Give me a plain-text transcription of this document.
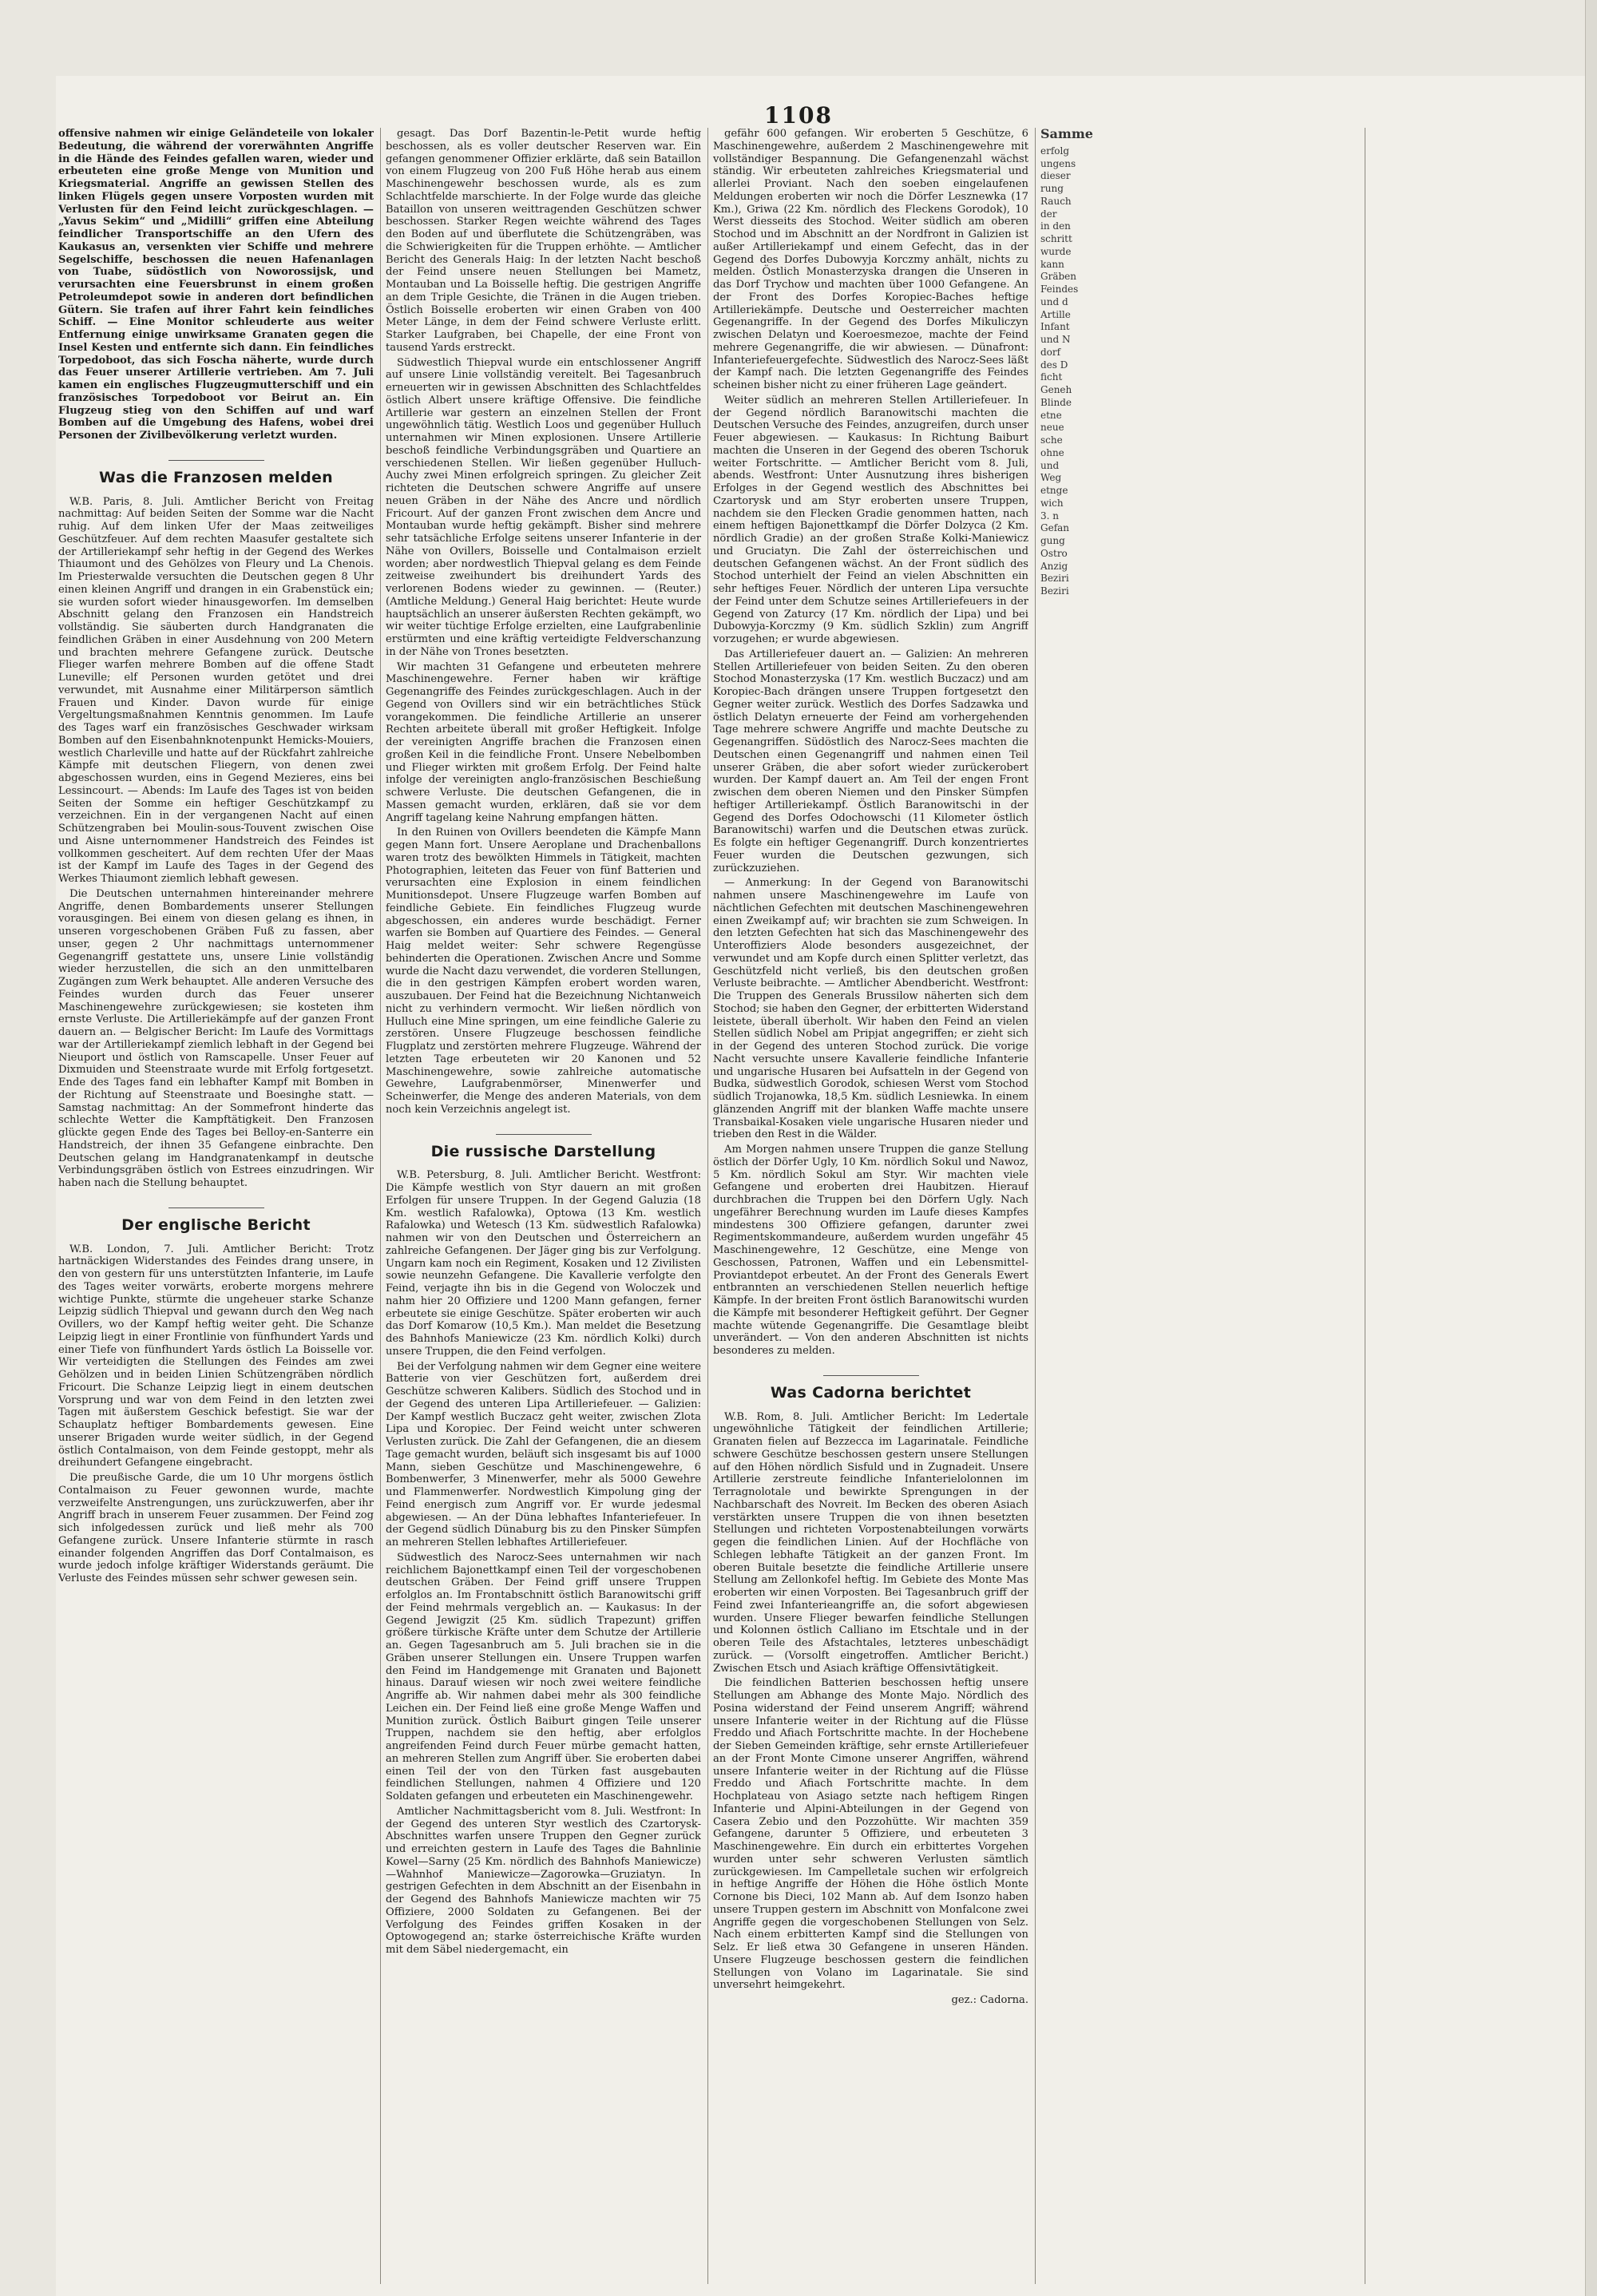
1108

offensive nahmen wir einige Geländeteile von lokaler Bedeutung, die während der vorerwähnten Angriffe in die Hände des Feindes gefallen waren, wieder und erbeuteten eine große Menge von Munition und Kriegsmaterial. Angriffe an gewissen Stellen des linken Flügels gegen unsere Vorposten wurden mit Verlusten für den Feind leicht zurückgeschlagen. — „Yavus Sekim“ und „Midilli“ griffen eine Abteilung feindlicher Transportschiffe an den Ufern des Kaukasus an, versenkten vier Schiffe und mehrere Segelschiffe, beschossen die neuen Hafenanlagen von Tuabe, südöstlich von Noworossijsk, und verursachten eine Feuersbrunst in einem großen Petroleumdepot sowie in anderen dort befindlichen Gütern. Sie trafen auf ihrer Fahrt kein feindliches Schiff. — Eine Monitor schleuderte aus weiter Entfernung einige unwirksame Granaten gegen die Insel Kesten und entfernte sich dann. Ein feindliches Torpedoboot, das sich Foscha näherte, wurde durch das Feuer unserer Artillerie vertrieben. Am 7. Juli kamen ein englisches Flugzeugmutterschiff und ein französisches Torpedoboot vor Beirut an. Ein Flugzeug stieg von den Schiffen auf und warf Bomben auf die Umgebung des Hafens, wobei drei Personen der Zivilbevölkerung verletzt wurden.

Was die Franzosen melden

W.B. Paris, 8. Juli. Amtlicher Bericht von Freitag nachmittag: Auf beiden Seiten der Somme war die Nacht ruhig. Auf dem linken Ufer der Maas zeitweiliges Geschützfeuer. Auf dem rechten Maasufer gestaltete sich der Artilleriekampf sehr heftig in der Gegend des Werkes Thiaumont und des Gehölzes von Fleury und La Chenois. Im Priesterwalde versuchten die Deutschen gegen 8 Uhr einen kleinen Angriff und drangen in ein Grabenstück ein; sie wurden sofort wieder hinausgeworfen. Im demselben Abschnitt gelang den Franzosen ein Handstreich vollständig. Sie säuberten durch Handgranaten die feindlichen Gräben in einer Ausdehnung von 200 Metern und brachten mehrere Gefangene zurück. Deutsche Flieger warfen mehrere Bomben auf die offene Stadt Luneville; elf Personen wurden getötet und drei verwundet, mit Ausnahme einer Militärperson sämtlich Frauen und Kinder. Davon wurde für einige Vergeltungsmaßnahmen Kenntnis genommen. Im Laufe des Tages warf ein französisches Geschwader wirksam Bomben auf den Eisenbahnknotenpunkt Hemicks-Mouiers, westlich Charleville und hatte auf der Rückfahrt zahlreiche Kämpfe mit deutschen Fliegern, von denen zwei abgeschossen wurden, eins in Gegend Mezieres, eins bei Lessincourt. — Abends: Im Laufe des Tages ist von beiden Seiten der Somme ein heftiger Geschützkampf zu verzeichnen. Ein in der vergangenen Nacht auf einen Schützengraben bei Moulin-sous-Touvent zwischen Oise und Aisne unternommener Handstreich des Feindes ist vollkommen gescheitert. Auf dem rechten Ufer der Maas ist der Kampf im Laufe des Tages in der Gegend des Werkes Thiaumont ziemlich lebhaft gewesen.

Die Deutschen unternahmen hintereinander mehrere Angriffe, denen Bombardements unserer Stellungen vorausgingen. Bei einem von diesen gelang es ihnen, in unseren vorgeschobenen Gräben Fuß zu fassen, aber unser, gegen 2 Uhr nachmittags unternommener Gegenangriff gestattete uns, unsere Linie vollständig wieder herzustellen, die sich an den unmittelbaren Zugängen zum Werk behauptet. Alle anderen Versuche des Feindes wurden durch das Feuer unserer Maschinengewehre zurückgewiesen; sie kosteten ihm ernste Verluste. Die Artilleriekämpfe auf der ganzen Front dauern an. — Belgischer Bericht: Im Laufe des Vormittags war der Artilleriekampf ziemlich lebhaft in der Gegend bei Nieuport und östlich von Ramscapelle. Unser Feuer auf Dixmuiden und Steenstraate wurde mit Erfolg fortgesetzt. Ende des Tages fand ein lebhafter Kampf mit Bomben in der Richtung auf Steenstraate und Boesinghe statt. — Samstag nachmittag: An der Sommefront hinderte das schlechte Wetter die Kampftätigkeit. Den Franzosen glückte gegen Ende des Tages bei Belloy-en-Santerre ein Handstreich, der ihnen 35 Gefangene einbrachte. Den Deutschen gelang im Handgranatenkampf in deutsche Verbindungsgräben östlich von Estrees einzudringen. Wir haben nach die Stellung behauptet.

Der englische Bericht

W.B. London, 7. Juli. Amtlicher Bericht: Trotz hartnäckigen Widerstandes des Feindes drang unsere, in den von gestern für uns unterstützten Infanterie, im Laufe des Tages weiter vorwärts, eroberte morgens mehrere wichtige Punkte, stürmte die ungeheuer starke Schanze Leipzig südlich Thiepval und gewann durch den Weg nach Ovillers, wo der Kampf heftig weiter geht. Die Schanze Leipzig liegt in einer Frontlinie von fünfhundert Yards und einer Tiefe von fünfhundert Yards östlich La Boisselle vor. Wir verteidigten die Stellungen des Feindes am zwei Gehölzen und in beiden Linien Schützengräben nördlich Fricourt. Die Schanze Leipzig liegt in einem deutschen Vorsprung und war von dem Feind in den letzten zwei Tagen mit äußerstem Geschick befestigt. Sie war der Schauplatz heftiger Bombardements gewesen. Eine unserer Brigaden wurde weiter südlich, in der Gegend östlich Contalmaison, von dem Feinde gestoppt, mehr als dreihundert Gefangene eingebracht.

Die preußische Garde, die um 10 Uhr morgens östlich Contalmaison zu Feuer gewonnen wurde, machte verzweifelte Anstrengungen, uns zurückzuwerfen, aber ihr Angriff brach in unserem Feuer zusammen. Der Feind zog sich infolgedessen zurück und ließ mehr als 700 Gefangene zurück. Unsere Infanterie stürmte in rasch einander folgenden Angriffen das Dorf Contalmaison, es wurde jedoch infolge kräftiger Widerstands geräumt. Die Verluste des Feindes müssen sehr schwer gewesen sein.

gesagt. Das Dorf Bazentin-le-Petit wurde heftig beschossen, als es voller deutscher Reserven war. Ein gefangen genommener Offizier erklärte, daß sein Bataillon von einem Flugzeug von 200 Fuß Höhe herab aus einem Maschinengewehr beschossen wurde, als es zum Schlachtfelde marschierte. In der Folge wurde das gleiche Bataillon von unseren weittragenden Geschützen schwer beschossen. Starker Regen weichte während des Tages den Boden auf und überflutete die Schützengräben, was die Schwierigkeiten für die Truppen erhöhte. — Amtlicher Bericht des Generals Haig: In der letzten Nacht beschoß der Feind unsere neuen Stellungen bei Mametz, Montauban und La Boisselle heftig. Die gestrigen Angriffe an dem Triple Gesichte, die Tränen in die Augen trieben. Östlich Boisselle eroberten wir einen Graben von 400 Meter Länge, in dem der Feind schwere Verluste erlitt. Starker Laufgraben, bei Chapelle, der eine Front von tausend Yards erstreckt.

Südwestlich Thiepval wurde ein entschlossener Angriff auf unsere Linie vollständig vereitelt. Bei Tagesanbruch erneuerten wir in gewissen Abschnitten des Schlachtfeldes östlich Albert unsere kräftige Offensive. Die feindliche Artillerie war gestern an einzelnen Stellen der Front ungewöhnlich tätig. Westlich Loos und gegenüber Hulluch unternahmen wir Minen explosionen. Unsere Artillerie beschoß feindliche Verbindungsgräben und Quartiere an verschiedenen Stellen. Wir ließen gegenüber Hulluch-Auchy zwei Minen erfolgreich springen. Zu gleicher Zeit richteten die Deutschen schwere Angriffe auf unsere neuen Gräben in der Nähe des Ancre und nördlich Fricourt. Auf der ganzen Front zwischen dem Ancre und Montauban wurde heftig gekämpft. Bisher sind mehrere sehr tatsächliche Erfolge seitens unserer Infanterie in der Nähe von Ovillers, Boisselle und Contalmaison erzielt worden; aber nordwestlich Thiepval gelang es dem Feinde zeitweise zweihundert bis dreihundert Yards des verlorenen Bodens wieder zu gewinnen. — (Reuter.) (Amtliche Meldung.) General Haig berichtet: Heute wurde hauptsächlich an unserer äußersten Rechten gekämpft, wo wir weiter tüchtige Erfolge erzielten, eine Laufgrabenlinie erstürmten und eine kräftig verteidigte Feldverschanzung in der Nähe von Trones besetzten.

Wir machten 31 Gefangene und erbeuteten mehrere Maschinengewehre. Ferner haben wir kräftige Gegenangriffe des Feindes zurückgeschlagen. Auch in der Gegend von Ovillers sind wir ein beträchtliches Stück vorangekommen. Die feindliche Artillerie an unserer Rechten arbeitete überall mit großer Heftigkeit. Infolge der vereinigten Angriffe brachen die Franzosen einen großen Keil in die feindliche Front. Unsere Nebelbomben und Flieger wirkten mit großem Erfolg. Der Feind halte infolge der vereinigten anglo-französischen Beschießung schwere Verluste. Die deutschen Gefangenen, die in Massen gemacht wurden, erklären, daß sie vor dem Angriff tagelang keine Nahrung empfangen hätten.

In den Ruinen von Ovillers beendeten die Kämpfe Mann gegen Mann fort. Unsere Aeroplane und Drachenballons waren trotz des bewölkten Himmels in Tätigkeit, machten Photographien, leiteten das Feuer von fünf Batterien und verursachten eine Explosion in einem feindlichen Munitionsdepot. Unsere Flugzeuge warfen Bomben auf feindliche Gebiete. Ein feindliches Flugzeug wurde abgeschossen, ein anderes wurde beschädigt. Ferner warfen sie Bomben auf Quartiere des Feindes. — General Haig meldet weiter: Sehr schwere Regengüsse behinderten die Operationen. Zwischen Ancre und Somme wurde die Nacht dazu verwendet, die vorderen Stellungen, die in den gestrigen Kämpfen erobert worden waren, auszubauen. Der Feind hat die Bezeichnung Nichtanweich nicht zu verhindern vermocht. Wir ließen nördlich von Hulluch eine Mine springen, um eine feindliche Galerie zu zerstören. Unsere Flugzeuge beschossen feindliche Flugplatz und zerstörten mehrere Flugzeuge. Während der letzten Tage erbeuteten wir 20 Kanonen und 52 Maschinengewehre, sowie zahlreiche automatische Gewehre, Laufgrabenmörser, Minenwerfer und Scheinwerfer, die Menge des anderen Materials, von dem noch kein Verzeichnis angelegt ist.

Die russische Darstellung

W.B. Petersburg, 8. Juli. Amtlicher Bericht. Westfront: Die Kämpfe westlich von Styr dauern an mit großen Erfolgen für unsere Truppen. In der Gegend Galuzia (18 Km. westlich Rafalowka), Optowa (13 Km. westlich Rafalowka) und Wetesch (13 Km. südwestlich Rafalowka) nahmen wir von den Deutschen und Österreichern an zahlreiche Gefangenen. Der Jäger ging bis zur Verfolgung. Ungarn kam noch ein Regiment, Kosaken und 12 Zivilisten sowie neunzehn Gefangene. Die Kavallerie verfolgte den Feind, verjagte ihn bis in die Gegend von Woloczek und nahm hier 20 Offiziere und 1200 Mann gefangen, ferner erbeutete sie einige Geschütze. Später eroberten wir auch das Dorf Komarow (10,5 Km.). Man meldet die Besetzung des Bahnhofs Maniewicze (23 Km. nördlich Kolki) durch unsere Truppen, die den Feind verfolgen.

Bei der Verfolgung nahmen wir dem Gegner eine weitere Batterie von vier Geschützen fort, außerdem drei Geschütze schweren Kalibers. Südlich des Stochod und in der Gegend des unteren Lipa Artilleriefeuer. — Galizien: Der Kampf westlich Buczacz geht weiter, zwischen Zlota Lipa und Koropiec. Der Feind weicht unter schweren Verlusten zurück. Die Zahl der Gefangenen, die an diesem Tage gemacht wurden, beläuft sich insgesamt bis auf 1000 Mann, sieben Geschütze und Maschinengewehre, 6 Bombenwerfer, 3 Minenwerfer, mehr als 5000 Gewehre und Flammenwerfer. Nordwestlich Kimpolung ging der Feind energisch zum Angriff vor. Er wurde jedesmal abgewiesen. — An der Düna lebhaftes Infanteriefeuer. In der Gegend südlich Dünaburg bis zu den Pinsker Sümpfen an mehreren Stellen lebhaftes Artilleriefeuer.

Südwestlich des Narocz-Sees unternahmen wir nach reichlichem Bajonettkampf einen Teil der vorgeschobenen deutschen Gräben. Der Feind griff unsere Truppen erfolglos an. Im Frontabschnitt östlich Baranowitschi griff der Feind mehrmals vergeblich an. — Kaukasus: In der Gegend Jewigzit (25 Km. südlich Trapezunt) griffen größere türkische Kräfte unter dem Schutze der Artillerie an. Gegen Tagesanbruch am 5. Juli brachen sie in die Gräben unserer Stellungen ein. Unsere Truppen warfen den Feind im Handgemenge mit Granaten und Bajonett hinaus. Darauf wiesen wir noch zwei weitere feindliche Angriffe ab. Wir nahmen dabei mehr als 300 feindliche Leichen ein. Der Feind ließ eine große Menge Waffen und Munition zurück. Östlich Baiburt gingen Teile unserer Truppen, nachdem sie den heftig, aber erfolglos angreifenden Feind durch Feuer mürbe gemacht hatten, an mehreren Stellen zum Angriff über. Sie eroberten dabei einen Teil der von den Türken fast ausgebauten feindlichen Stellungen, nahmen 4 Offiziere und 120 Soldaten gefangen und erbeuteten ein Maschinengewehr.

Amtlicher Nachmittagsbericht vom 8. Juli. Westfront: In der Gegend des unteren Styr westlich des Czartorysk-Abschnittes warfen unsere Truppen den Gegner zurück und erreichten gestern in Laufe des Tages die Bahnlinie Kowel—Sarny (25 Km. nördlich des Bahnhofs Maniewicze)—Wahnhof Maniewicze—Zagorowka—Gruziatyn. In gestrigen Gefechten in dem Abschnitt an der Eisenbahn in der Gegend des Bahnhofs Maniewicze machten wir 75 Offiziere, 2000 Soldaten zu Gefangenen. Bei der Verfolgung des Feindes griffen Kosaken in der Optowogegend an; starke österreichische Kräfte wurden mit dem Säbel niedergemacht, ein

gefähr 600 gefangen. Wir eroberten 5 Geschütze, 6 Maschinengewehre, außerdem 2 Maschinengewehre mit vollständiger Bespannung. Die Gefangenenzahl wächst ständig. Wir erbeuteten zahlreiches Kriegsmaterial und allerlei Proviant. Nach den soeben eingelaufenen Meldungen eroberten wir noch die Dörfer Lesznewka (17 Km.), Griwa (22 Km. nördlich des Fleckens Gorodok), 10 Werst diesseits des Stochod. Weiter südlich am oberen Stochod und im Abschnitt an der Nordfront in Galizien ist außer Artilleriekampf und einem Gefecht, das in der Gegend des Dorfes Dubowyja Korczmy anhält, nichts zu melden. Östlich Monasterzyska drangen die Unseren in das Dorf Trychow und machten über 1000 Gefangene. An der Front des Dorfes Koropiec-Baches heftige Artilleriekämpfe. Deutsche und Oesterreicher machten Gegenangriffe. In der Gegend des Dorfes Mikuliczyn zwischen Delatyn und Koeroesmezoe, machte der Feind mehrere Gegenangriffe, die wir abwiesen. — Dünafront: Infanteriefeuergefechte. Südwestlich des Narocz-Sees läßt der Kampf nach. Die letzten Gegenangriffe des Feindes scheinen bisher nicht zu einer früheren Lage geändert.

Weiter südlich an mehreren Stellen Artilleriefeuer. In der Gegend nördlich Baranowitschi machten die Deutschen Versuche des Feindes, anzugreifen, durch unser Feuer abgewiesen. — Kaukasus: In Richtung Baiburt machten die Unseren in der Gegend des oberen Tschoruk weiter Fortschritte. — Amtlicher Bericht vom 8. Juli, abends. Westfront: Unter Ausnutzung ihres bisherigen Erfolges in der Gegend westlich des Abschnittes bei Czartorysk und am Styr eroberten unsere Truppen, nachdem sie den Flecken Gradie genommen hatten, nach einem heftigen Bajonettkampf die Dörfer Dolzyca (2 Km. nördlich Gradie) an der großen Straße Kolki-Maniewicz und Gruciatyn. Die Zahl der österreichischen und deutschen Gefangenen wächst. An der Front südlich des Stochod unterhielt der Feind an vielen Abschnitten ein sehr heftiges Feuer. Nördlich der unteren Lipa versuchte der Feind unter dem Schutze seines Artilleriefeuers in der Gegend von Zaturcy (17 Km. nördlich der Lipa) und bei Dubowyja-Korczmy (9 Km. südlich Szklin) zum Angriff vorzugehen; er wurde abgewiesen.

Das Artilleriefeuer dauert an. — Galizien: An mehreren Stellen Artilleriefeuer von beiden Seiten. Zu den oberen Stochod Monasterzyska (17 Km. westlich Buczacz) und am Koropiec-Bach drängen unsere Truppen fortgesetzt den Gegner weiter zurück. Westlich des Dorfes Sadzawka und östlich Delatyn erneuerte der Feind am vorhergehenden Tage mehrere schwere Angriffe und machte Deutsche zu Gegenangriffen. Südöstlich des Narocz-Sees machten die Deutschen einen Gegenangriff und nahmen einen Teil unserer Gräben, die aber sofort wieder zurückerobert wurden. Der Kampf dauert an. Am Teil der engen Front zwischen dem oberen Niemen und den Pinsker Sümpfen heftiger Artilleriekampf. Östlich Baranowitschi in der Gegend des Dorfes Odochowschi (11 Kilometer östlich Baranowitschi) warfen und die Deutschen etwas zurück. Es folgte ein heftiger Gegenangriff. Durch konzentriertes Feuer wurden die Deutschen gezwungen, sich zurückzuziehen.

— Anmerkung: In der Gegend von Baranowitschi nahmen unsere Maschinengewehre im Laufe von nächtlichen Gefechten mit deutschen Maschinengewehren einen Zweikampf auf; wir brachten sie zum Schweigen. In den letzten Gefechten hat sich das Maschinengewehr des Unteroffiziers Alode besonders ausgezeichnet, der verwundet und am Kopfe durch einen Splitter verletzt, das Geschützfeld nicht verließ, bis den deutschen großen Verluste beibrachte. — Amtlicher Abendbericht. Westfront: Die Truppen des Generals Brussilow näherten sich dem Stochod; sie haben den Gegner, der erbitterten Widerstand leistete, überall überholt. Wir haben den Feind an vielen Stellen südlich Nobel am Pripjat angegriffen; er zieht sich in der Gegend des unteren Stochod zurück. Die vorige Nacht versuchte unsere Kavallerie feindliche Infanterie und ungarische Husaren bei Aufsatteln in der Gegend von Budka, südwestlich Gorodok, schiesen Werst vom Stochod südlich Trojanowka, 18,5 Km. südlich Lesniewka. In einem glänzenden Angriff mit der blanken Waffe machte unsere Transbaikal-Kosaken viele ungarische Husaren nieder und trieben den Rest in die Wälder.

Am Morgen nahmen unsere Truppen die ganze Stellung östlich der Dörfer Ugly, 10 Km. nördlich Sokul und Nawoz, 5 Km. nördlich Sokul am Styr. Wir machten viele Gefangene und eroberten drei Haubitzen. Hierauf durchbrachen die Truppen bei den Dörfern Ugly. Nach ungefährer Berechnung wurden im Laufe dieses Kampfes mindestens 300 Offiziere gefangen, darunter zwei Regimentskommandeure, außerdem wurden ungefähr 45 Maschinengewehre, 12 Geschütze, eine Menge von Geschossen, Patronen, Waffen und ein Lebensmittel-Proviantdepot erbeutet. An der Front des Generals Ewert entbrannten an verschiedenen Stellen neuerlich heftige Kämpfe. In der breiten Front östlich Baranowitschi wurden die Kämpfe mit besonderer Heftigkeit geführt. Der Gegner machte wütende Gegenangriffe. Die Gesamtlage bleibt unverändert. — Von den anderen Abschnitten ist nichts besonderes zu melden.

Was Cadorna berichtet

W.B. Rom, 8. Juli. Amtlicher Bericht: Im Ledertale ungewöhnliche Tätigkeit der feindlichen Artillerie; Granaten fielen auf Bezzecca im Lagarinatale. Feindliche schwere Geschütze beschossen gestern unsere Stellungen auf den Höhen nördlich Sisfuld und in Zugnadeit. Unsere Artillerie zerstreute feindliche Infanterielolonnen im Terragnolotale und bewirkte Sprengungen in der Nachbarschaft des Novreit. Im Becken des oberen Asiach verstärkten unsere Truppen die von ihnen besetzten Stellungen und richteten Vorpostenabteilungen vorwärts gegen die feindlichen Linien. Auf der Hochfläche von Schlegen lebhafte Tätigkeit an der ganzen Front. Im oberen Buitale besetzte die feindliche Artillerie unsere Stellung am Zellonkofel heftig. Im Gebiete des Monte Mas eroberten wir einen Vorposten. Bei Tagesanbruch griff der Feind zwei Infanterieangriffe an, die sofort abgewiesen wurden. Unsere Flieger bewarfen feindliche Stellungen und Kolonnen östlich Calliano im Etschtale und in der oberen Teile des Afstachtales, letzteres unbeschädigt zurück. — (Vorsolft eingetroffen. Amtlicher Bericht.) Zwischen Etsch und Asiach kräftige Offensivtätigkeit.

Die feindlichen Batterien beschossen heftig unsere Stellungen am Abhange des Monte Majo. Nördlich des Posina widerstand der Feind unserem Angriff; während unsere Infanterie weiter in der Richtung auf die Flüsse Freddo und Afiach Fortschritte machte. In der Hochebene der Sieben Gemeinden kräftige, sehr ernste Artilleriefeuer an der Front Monte Cimone unserer Angriffen, während unsere Infanterie weiter in der Richtung auf die Flüsse Freddo und Afiach Fortschritte machte. In dem Hochplateau von Asiago setzte nach heftigem Ringen Infanterie und Alpini-Abteilungen in der Gegend von Casera Zebio und den Pozzohütte. Wir machten 359 Gefangene, darunter 5 Offiziere, und erbeuteten 3 Maschinengewehre. Ein durch ein erbittertes Vorgehen wurden unter sehr schweren Verlusten sämtlich zurückgewiesen. Im Campelletale suchen wir erfolgreich in heftige Angriffe der Höhen die Höhe östlich Monte Cornone bis Dieci, 102 Mann ab. Auf dem Isonzo haben unsere Truppen gestern im Abschnitt von Monfalcone zwei Angriffe gegen die vorgeschobenen Stellungen von Selz. Nach einem erbitterten Kampf sind die Stellungen von Selz. Er ließ etwa 30 Gefangene in unseren Händen. Unsere Flugzeuge beschossen gestern die feindlichen Stellungen von Volano im Lagarinatale. Sie sind unversehrt heimgekehrt.

gez.: Cadorna.

Samme
erfolg
ungens
dieser
rung
Rauch
der
in den
schritt
wurde
kann
Gräben
Feindes
und d
Artille
Infant
und N
dorf
des D
ficht
Geneh
Blinde
etne
neue
sche
ohne
und
Weg
etnge
wich
3. n
Gefan
gung
Ostro
Anzig
Beziri
Beziri
